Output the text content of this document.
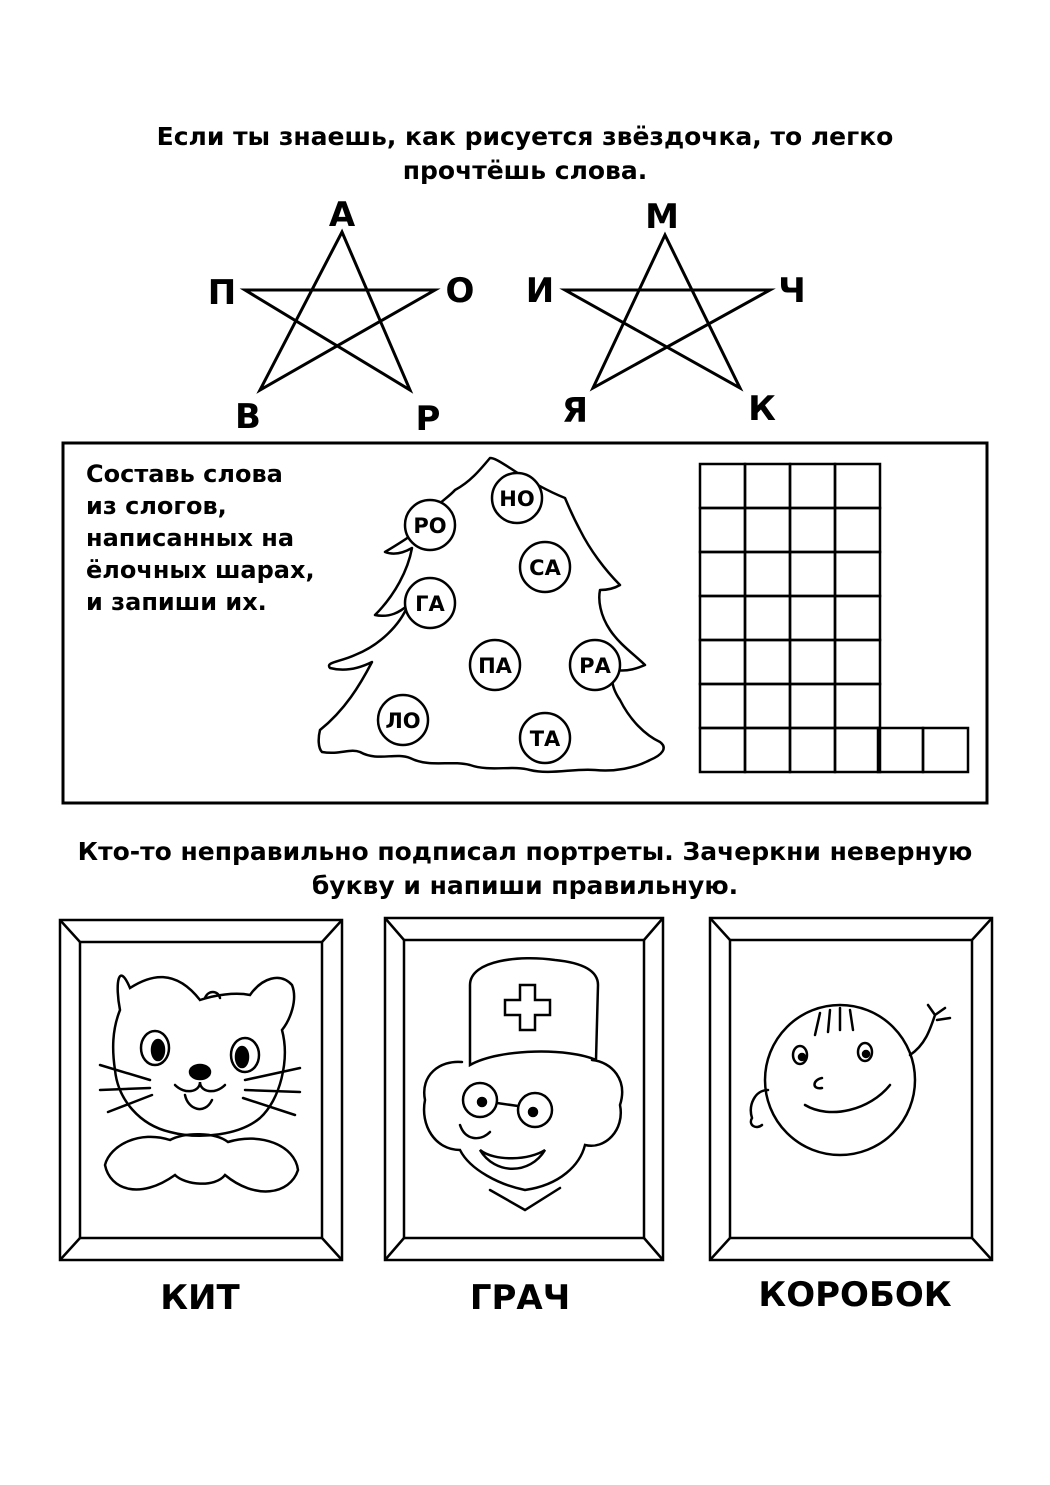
Если ты знаешь, как рисуется звёздочка, то легко
прочтёшь слова.
А
О
Р
В
П
М
Ч
К
Я
И
НО
РО
СА
ГА
ПА	РА
ЛО
ТА
Составь слова
из слогов,
написанных на
ёлочных шарах,
и запиши их.
Кто-то неправильно подписал портреты. Зачеркни неверную
букву и напиши правильную.
КИТ	ГРАЧ	КОРОБОК
